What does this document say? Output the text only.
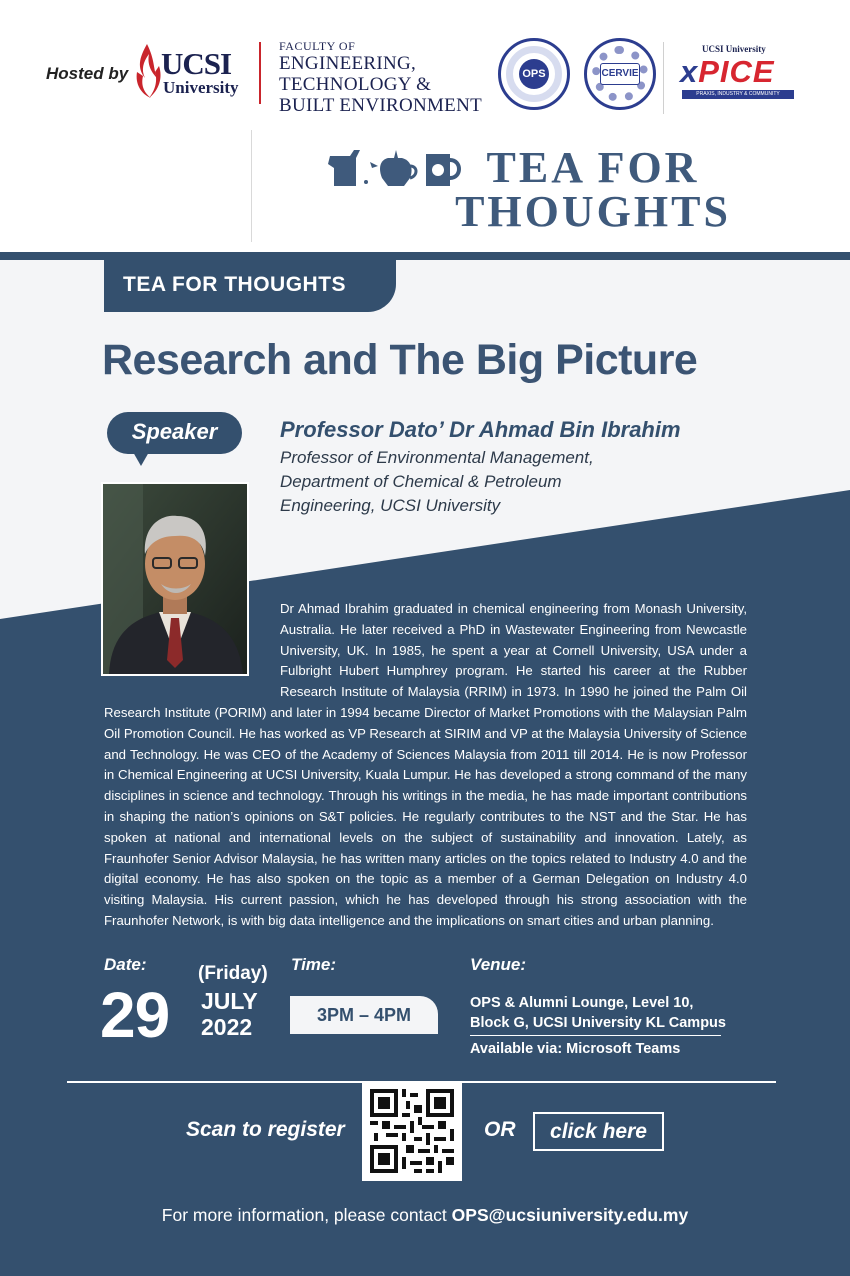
Hosted by UCSI
University
FACULTY OF
ENGINEERING,
TECHNOLOGY &
BUILT ENVIRONMENT
OPS	CERVIE
UCSI University
xPICE
PRAXIS, INDUSTRY & COMMUNITY ENGAGEMENT
TEA FOR
THOUGHTS
TEA FOR THOUGHTS
Research and The Big Picture
Speaker	Professor Dato’ Dr Ahmad Bin Ibrahim
Professor of Environmental Management,
Department of Chemical & Petroleum
Engineering, UCSI University
Dr Ahmad Ibrahim graduated in chemical engineering from Monash University,
Australia. He later received a PhD in Wastewater Engineering from Newcastle
University, UK. In 1985, he spent a year at Cornell University, USA under a
Fulbright Hubert Humphrey program. He started his career at the Rubber
Research Institute of Malaysia (RRIM) in 1973. In 1990 he joined the Palm Oil

Research Institute (PORIM) and later in 1994 became Director of Market Promotions with the Malaysian Palm Oil Promotion Council. He has worked as VP Research at SIRIM and VP at the Malaysia University of Science and Technology. He was CEO of the Academy of Sciences Malaysia from 2011 till 2014. He is now Professor in Chemical Engineering at UCSI University, Kuala Lumpur. He has developed a strong command of the many disciplines in science and technology. Through his writings in the media, he has made important contributions in shaping the nation’s opinions on S&T policies. He regularly contributes to the NST and the Star. He has spoken at national and international levels on the subject of sustainability and innovation. Lately, as Fraunhofer Senior Advisor Malaysia, he has written many articles on the topics related to Industry 4.0 and the digital economy. He has also spoken on the topic as a member of a German Delegation on Industry 4.0 visiting Malaysia. His current passion, which he has developed through his strong association with the Fraunhofer Network, is with big data intelligence and the implications on smart cities and urban planning.

Date:
29
(Friday)
JULY
2022
Time:
3PM – 4PM
Venue:
OPS & Alumni Lounge, Level 10,
Block G, UCSI University KL Campus
Available via: Microsoft Teams
Scan to register	OR	click here
For more information, please contact OPS@ucsiuniversity.edu.my
